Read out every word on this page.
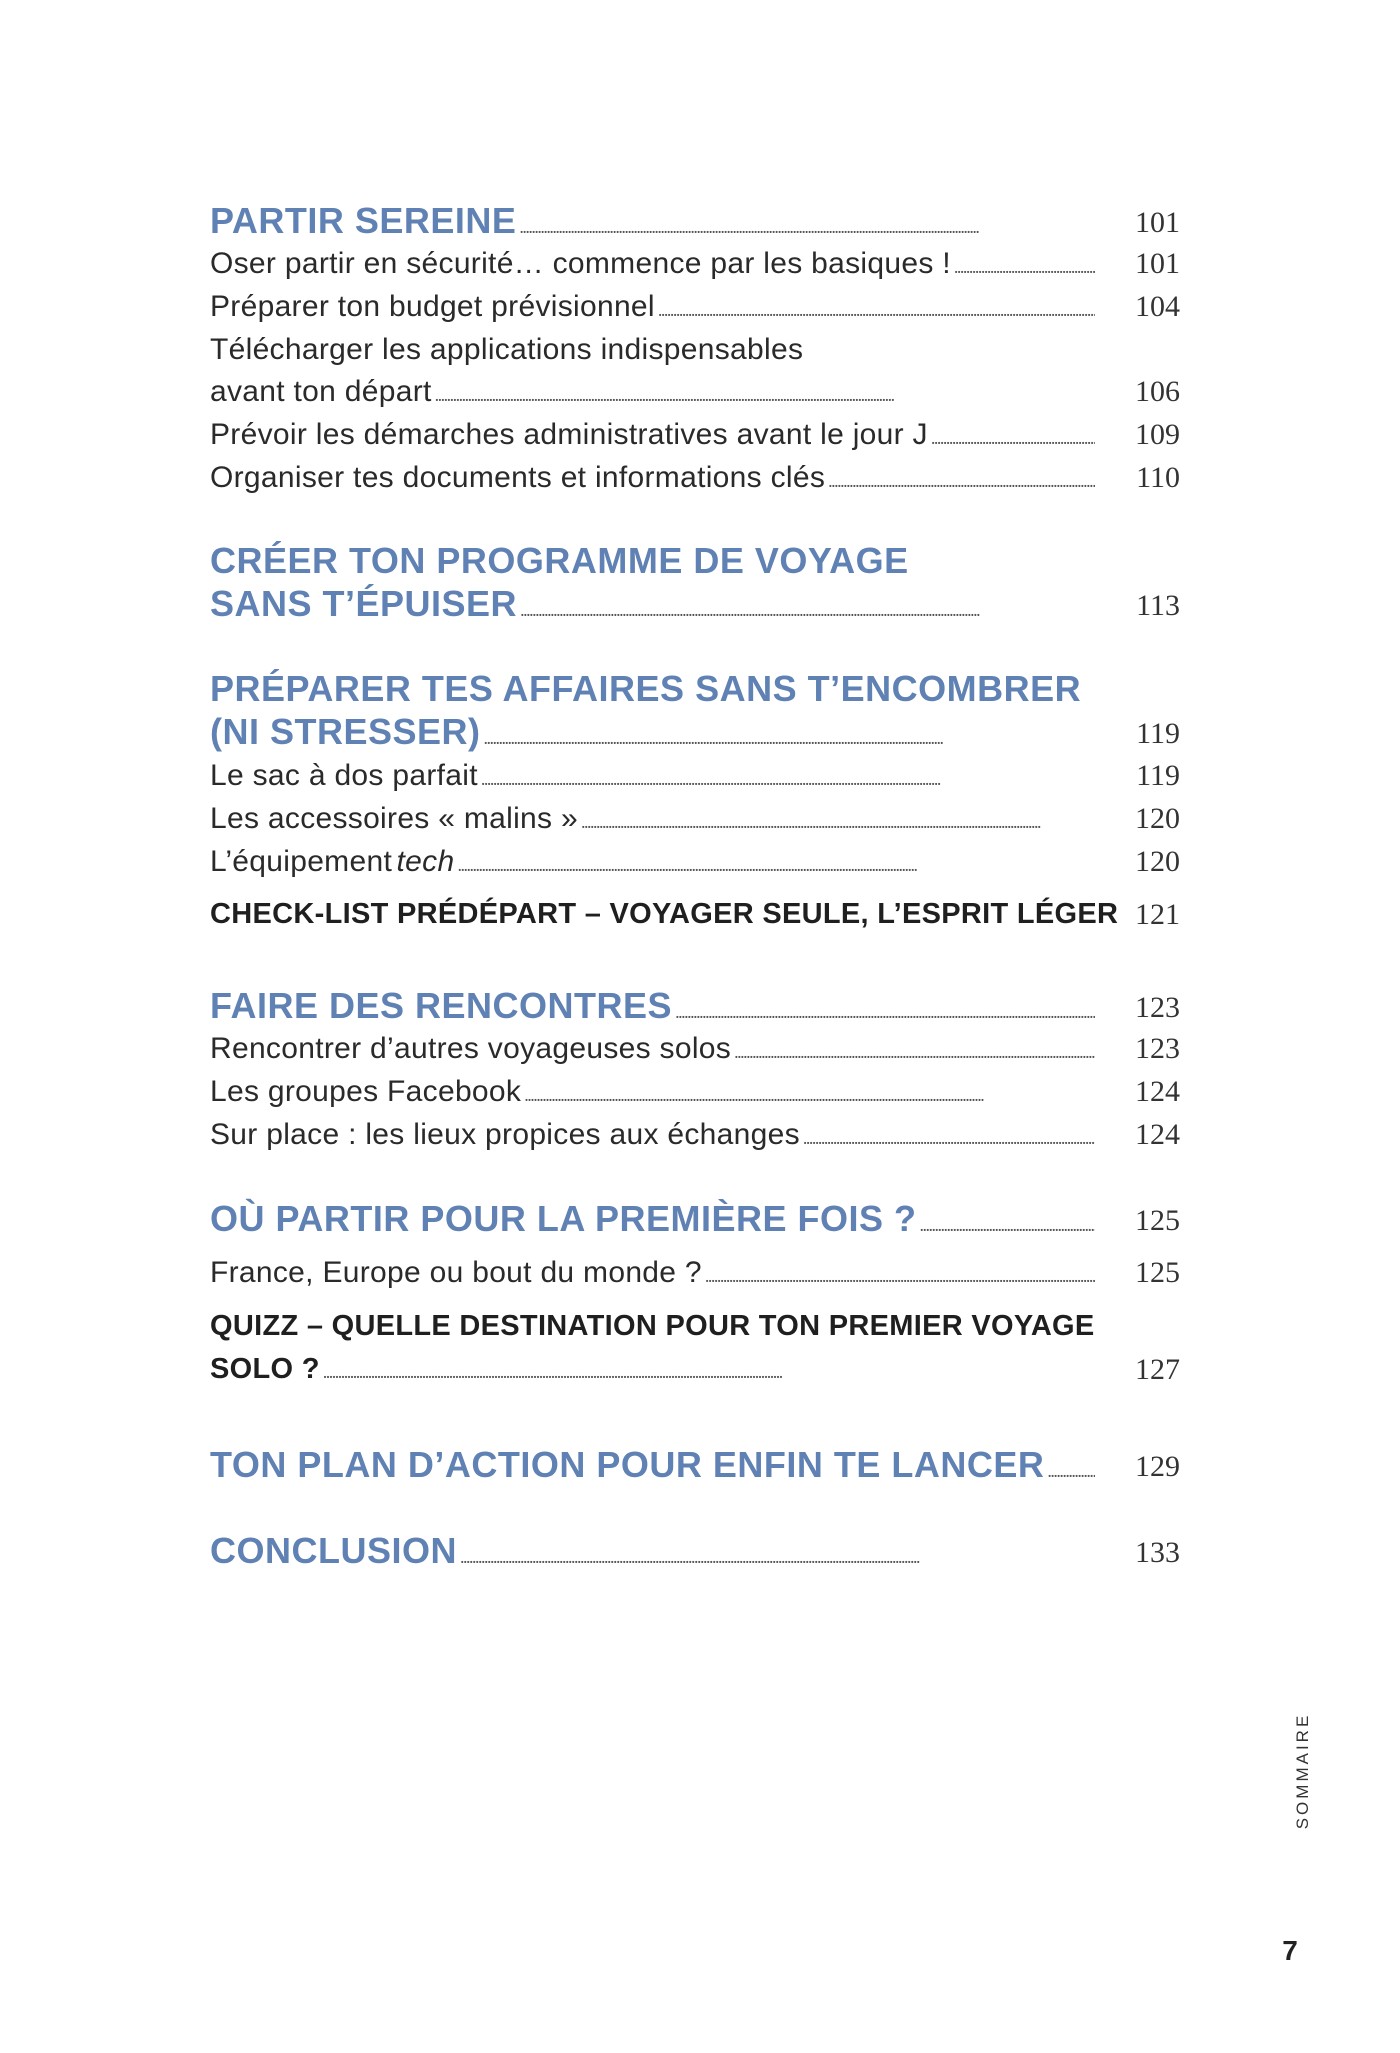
PARTIR SEREINE . . .	101
Oser partir en sécurité… commence par les basiques ! . . .	101
Préparer ton budget prévisionnel . . .	104
Télécharger les applications indispensables
avant ton départ . . .	106
Prévoir les démarches administratives avant le jour J . . .	109
Organiser tes documents et informations clés . . .	110
CRÉER TON PROGRAMME DE VOYAGE
SANS T’ÉPUISER . . .	113
PRÉPARER TES AFFAIRES SANS T’ENCOMBRER
(NI STRESSER) . . .	119
Le sac à dos parfait . . .	119
Les accessoires « malins » . . .	120
L’équipement
tech . . .	120
CHECK-LIST PRÉDÉPART – VOYAGER SEULE, L’ESPRIT LÉGER 121
FAIRE DES RENCONTRES . . .	123
Rencontrer d’autres voyageuses solos . . .	123
Les groupes Facebook . . .	124
Sur place : les lieux propices aux échanges . . .	124
OÙ PARTIR POUR LA PREMIÈRE FOIS ? . . .	125
France, Europe ou bout du monde ? . . .	125
QUIZZ – QUELLE DESTINATION POUR TON PREMIER VOYAGE
SOLO ? . . .	127
TON PLAN D’ACTION POUR ENFIN TE LANCER . . .	129
CONCLUSION . . .	133
SOMMAIRE
7
